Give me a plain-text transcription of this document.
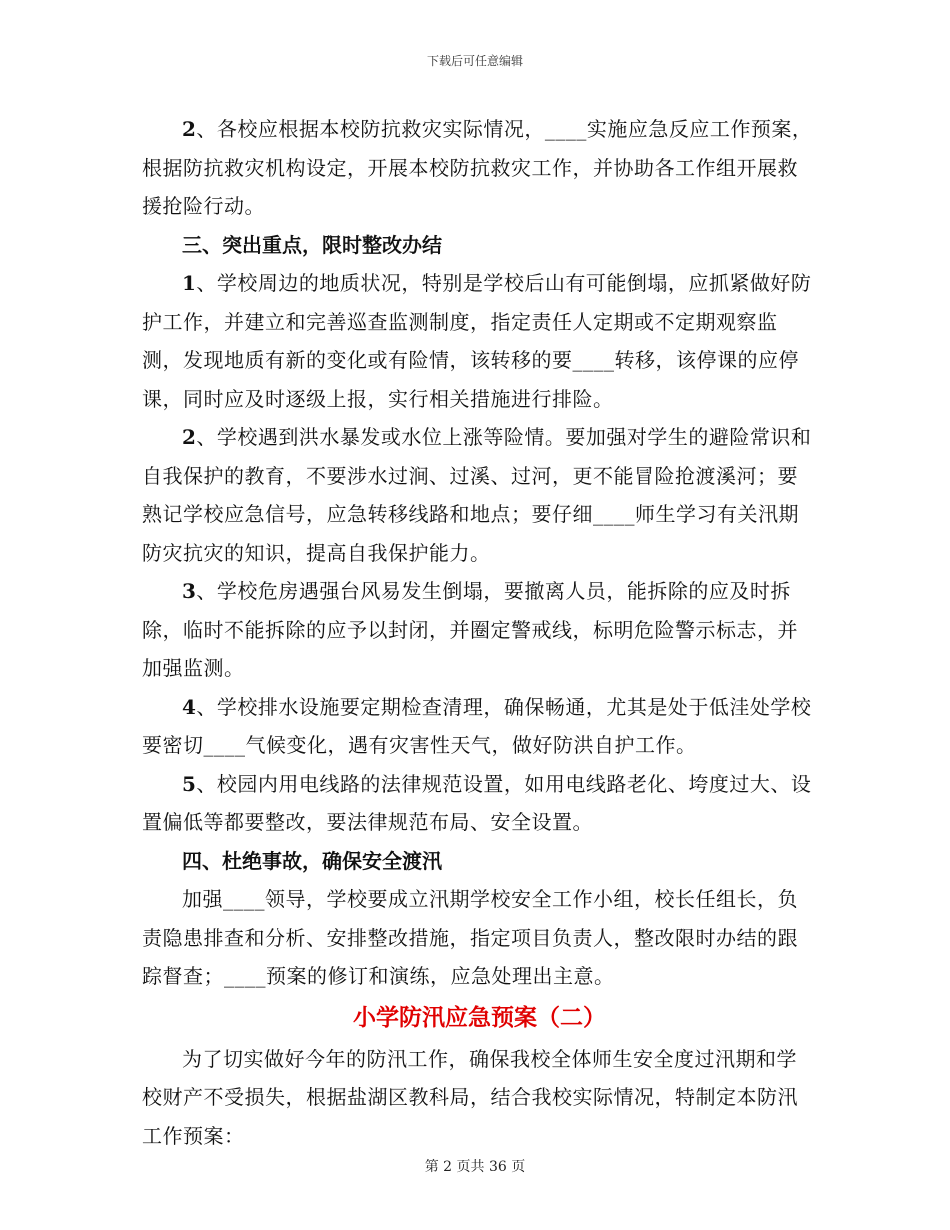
下载后可任意编辑

2、各校应根据本校防抗救灾实际情况，____实施应急反应工作预案，根据防抗救灾机构设定，开展本校防抗救灾工作，并协助各工作组开展救援抢险行动。

三、突出重点，限时整改办结

1、学校周边的地质状况，特别是学校后山有可能倒塌，应抓紧做好防护工作，并建立和完善巡查监测制度，指定责任人定期或不定期观察监测，发现地质有新的变化或有险情，该转移的要____转移，该停课的应停课，同时应及时逐级上报，实行相关措施进行排险。

2、学校遇到洪水暴发或水位上涨等险情。要加强对学生的避险常识和自我保护的教育，不要涉水过涧、过溪、过河，更不能冒险抢渡溪河；要熟记学校应急信号，应急转移线路和地点；要仔细____师生学习有关汛期防灾抗灾的知识，提高自我保护能力。

3、学校危房遇强台风易发生倒塌，要撤离人员，能拆除的应及时拆除，临时不能拆除的应予以封闭，并圈定警戒线，标明危险警示标志，并加强监测。

4、学校排水设施要定期检查清理，确保畅通，尤其是处于低洼处学校要密切____气候变化，遇有灾害性天气，做好防洪自护工作。

5、校园内用电线路的法律规范设置，如用电线路老化、垮度过大、设置偏低等都要整改，要法律规范布局、安全设置。

四、杜绝事故，确保安全渡汛

加强____领导，学校要成立汛期学校安全工作小组，校长任组长，负责隐患排查和分析、安排整改措施，指定项目负责人，整改限时办结的跟踪督查；____预案的修订和演练，应急处理出主意。

小学防汛应急预案（二）

为了切实做好今年的防汛工作，确保我校全体师生安全度过汛期和学校财产不受损失，根据盐湖区教科局，结合我校实际情况，特制定本防汛工作预案：

第 2 页共 36 页
